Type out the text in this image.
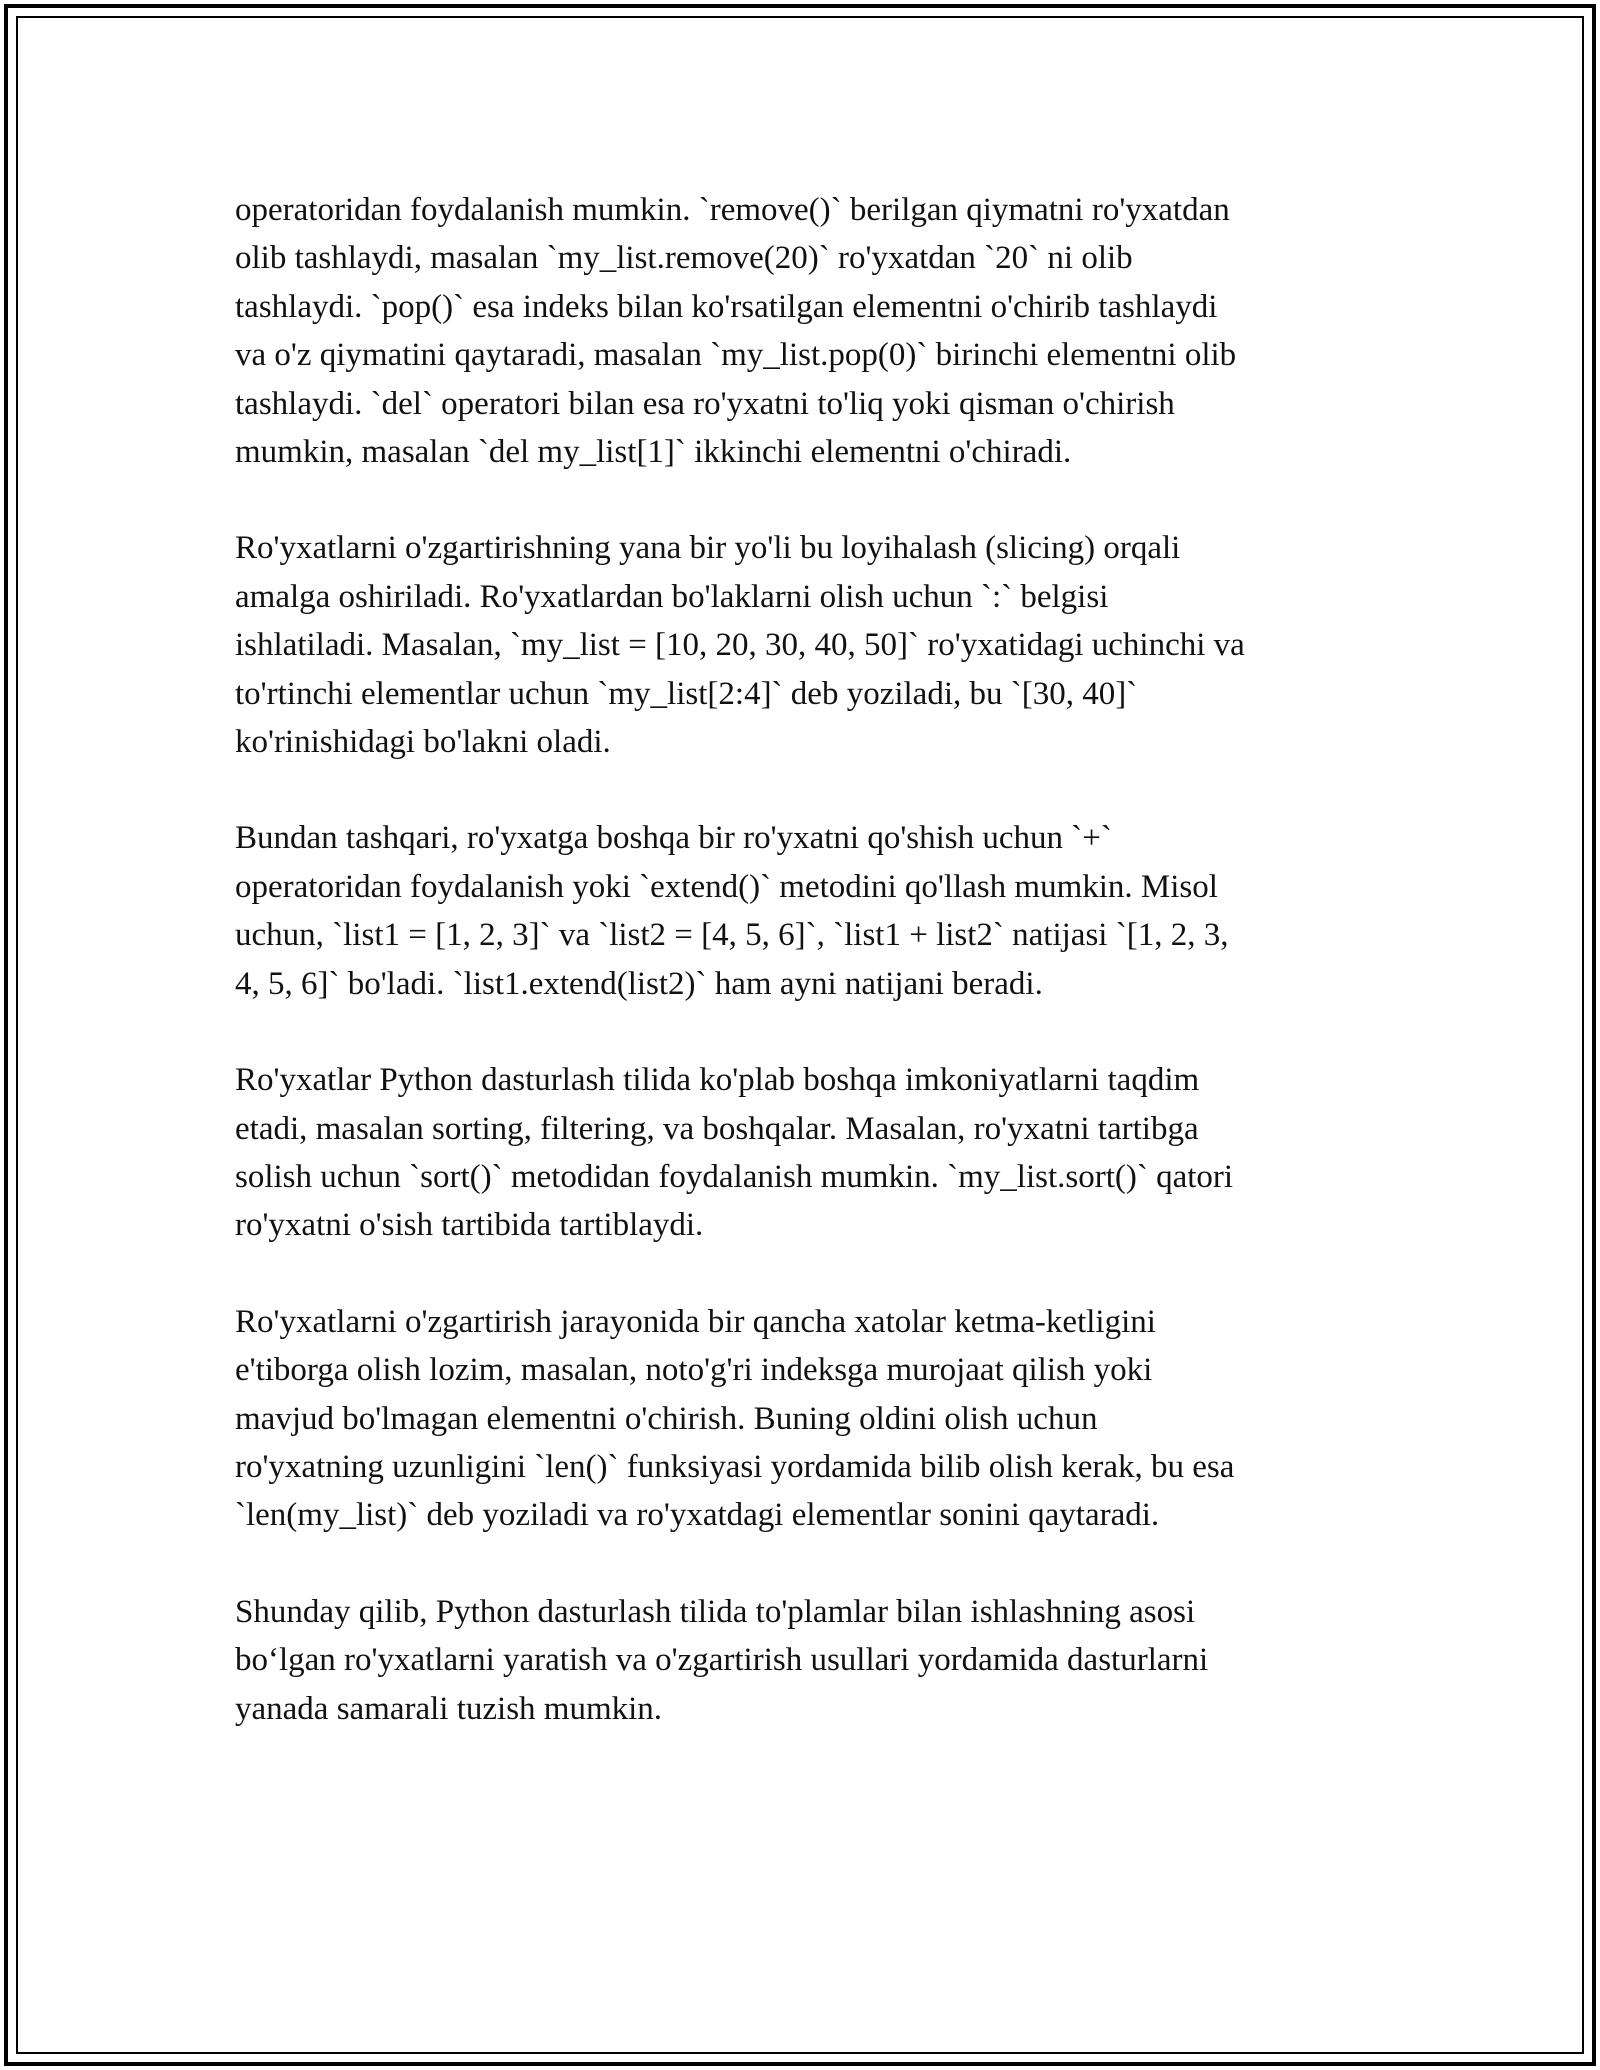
operatoridan foydalanish mumkin. `remove()` berilgan qiymatni ro'yxatdan
olib tashlaydi, masalan `my_list.remove(20)` ro'yxatdan `20` ni olib
tashlaydi. `pop()` esa indeks bilan ko'rsatilgan elementni o'chirib tashlaydi
va o'z qiymatini qaytaradi, masalan `my_list.pop(0)` birinchi elementni olib
tashlaydi. `del` operatori bilan esa ro'yxatni to'liq yoki qisman o'chirish
mumkin, masalan `del my_list[1]` ikkinchi elementni o'chiradi.

Ro'yxatlarni o'zgartirishning yana bir yo'li bu loyihalash (slicing) orqali
amalga oshiriladi. Ro'yxatlardan bo'laklarni olish uchun `:` belgisi
ishlatiladi. Masalan, `my_list = [10, 20, 30, 40, 50]` ro'yxatidagi uchinchi va
to'rtinchi elementlar uchun `my_list[2:4]` deb yoziladi, bu `[30, 40]`
ko'rinishidagi bo'lakni oladi.

Bundan tashqari, ro'yxatga boshqa bir ro'yxatni qo'shish uchun `+`
operatoridan foydalanish yoki `extend()` metodini qo'llash mumkin. Misol
uchun, `list1 = [1, 2, 3]` va `list2 = [4, 5, 6]`, `list1 + list2` natijasi `[1, 2, 3,
4, 5, 6]` bo'ladi. `list1.extend(list2)` ham ayni natijani beradi.

Ro'yxatlar Python dasturlash tilida ko'plab boshqa imkoniyatlarni taqdim
etadi, masalan sorting, filtering, va boshqalar. Masalan, ro'yxatni tartibga
solish uchun `sort()` metodidan foydalanish mumkin. `my_list.sort()` qatori
ro'yxatni o'sish tartibida tartiblaydi.

Ro'yxatlarni o'zgartirish jarayonida bir qancha xatolar ketma-ketligini
e'tiborga olish lozim, masalan, noto'g'ri indeksga murojaat qilish yoki
mavjud bo'lmagan elementni o'chirish. Buning oldini olish uchun
ro'yxatning uzunligini `len()` funksiyasi yordamida bilib olish kerak, bu esa
`len(my_list)` deb yoziladi va ro'yxatdagi elementlar sonini qaytaradi.

Shunday qilib, Python dasturlash tilida to'plamlar bilan ishlashning asosi
bo‘lgan ro'yxatlarni yaratish va o'zgartirish usullari yordamida dasturlarni
yanada samarali tuzish mumkin.
